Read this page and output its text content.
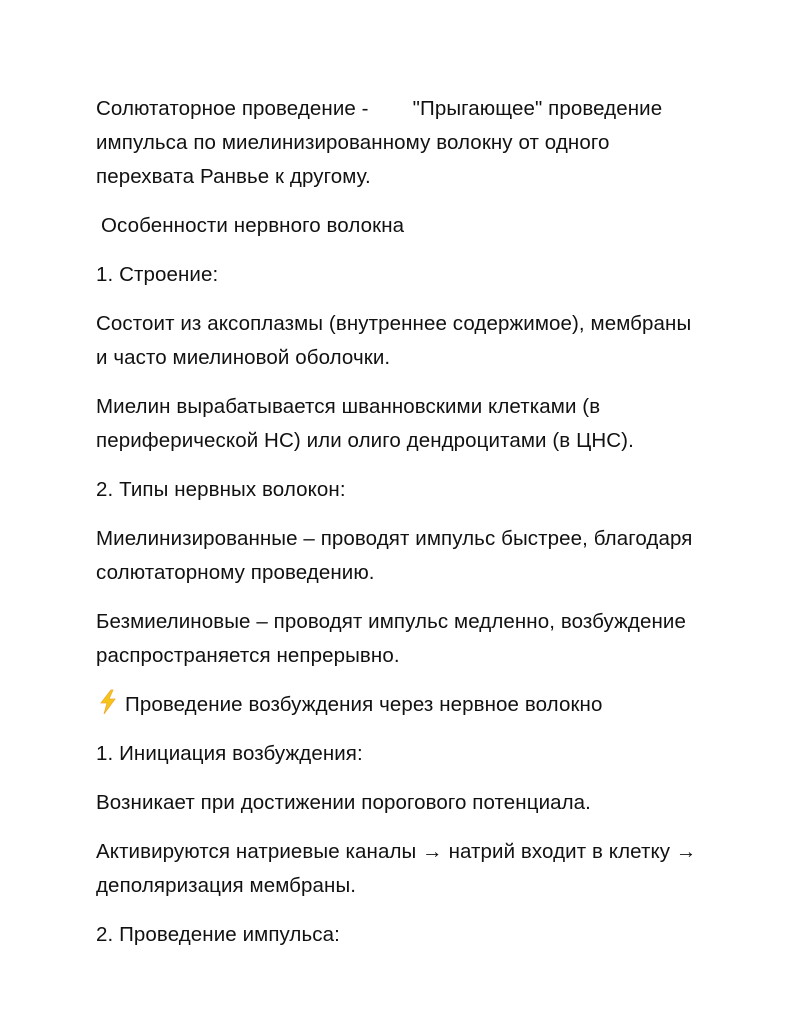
Солютаторное проведение - "Прыгающее" проведение импульса по миелинизированному волокну от одного перехвата Ранвье к другому.

Особенности нервного волокна

1. Строение:

Состоит из аксоплазмы (внутреннее содержимое), мембраны и часто миелиновой оболочки.

Миелин вырабатывается шванновскими клетками (в периферической НС) или олиго дендроцитами (в ЦНС).

2. Типы нервных волокон:

Миелинизированные – проводят импульс быстрее, благодаря солютаторному проведению.

Безмиелиновые – проводят импульс медленно, возбуждение распространяется непрерывно.

Проведение возбуждения через нервное волокно

1. Инициация возбуждения:

Возникает при достижении порогового потенциала.

Активируются натриевые каналы → натрий входит в клетку → деполяризация мембраны.

2. Проведение импульса:
